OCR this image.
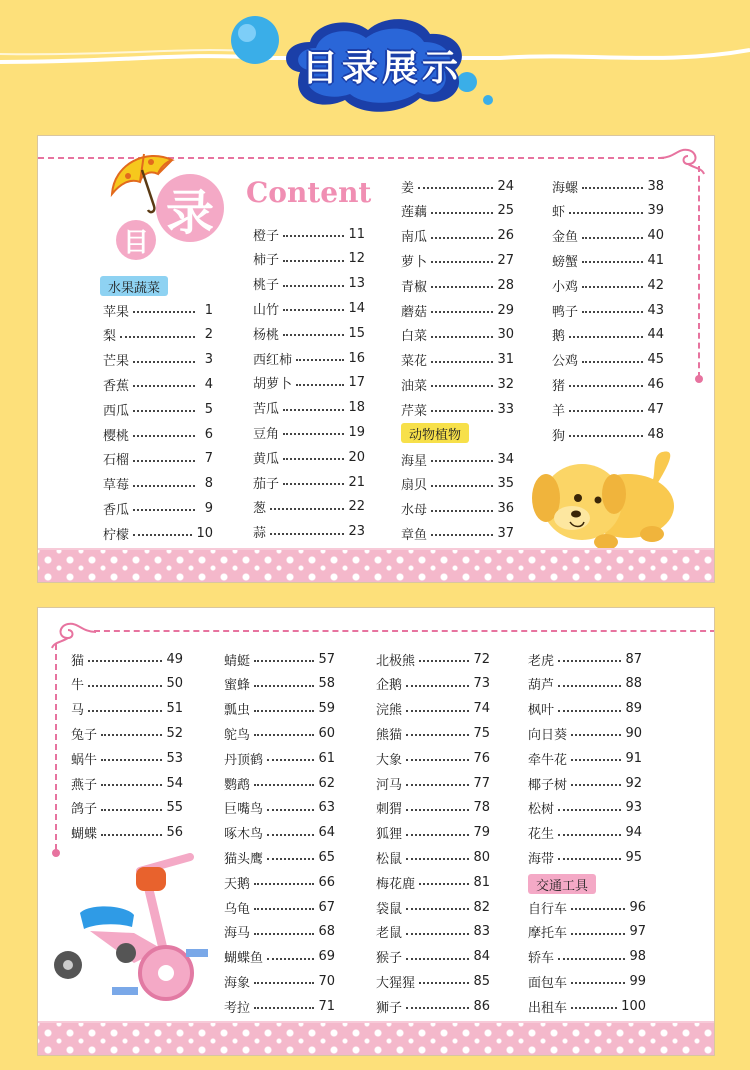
目录展示
录
目
Content
水果蔬菜
动物植物
苹果	1
梨	2
芒果	3
香蕉	4
西瓜	5
樱桃	6
石榴	7
草莓	8
香瓜	9
柠檬	10
橙子	11
柿子	12
桃子	13
山竹	14
杨桃	15
西红柿	16
胡萝卜	17
苦瓜	18
豆角	19
黄瓜	20
茄子	21
葱	22
蒜	23
姜	24
莲藕	25
南瓜	26
萝卜	27
青椒	28
蘑菇	29
白菜	30
菜花	31
油菜	32
芹菜	33
海星	34
扇贝	35
水母	36
章鱼	37
海螺	38
虾	39
金鱼	40
螃蟹	41
小鸡	42
鸭子	43
鹅	44
公鸡	45
猪	46
羊	47
狗	48
交通工具
猫	49
牛	50
马	51
兔子	52
蜗牛	53
燕子	54
鸽子	55
蝴蝶	56
蜻蜓	57
蜜蜂	58
瓢虫	59
鸵鸟	60
丹顶鹤	61
鹦鹉	62
巨嘴鸟	63
啄木鸟	64
猫头鹰	65
天鹅	66
乌龟	67
海马	68
蝴蝶鱼	69
海象	70
考拉	71
北极熊	72
企鹅	73
浣熊	74
熊猫	75
大象	76
河马	77
刺猬	78
狐狸	79
松鼠	80
梅花鹿	81
袋鼠	82
老鼠	83
猴子	84
大猩猩	85
狮子	86
老虎	87
葫芦	88
枫叶	89
向日葵	90
牵牛花	91
椰子树	92
松树	93
花生	94
海带	95
自行车	96
摩托车	97
轿车	98
面包车	99
出租车	100
